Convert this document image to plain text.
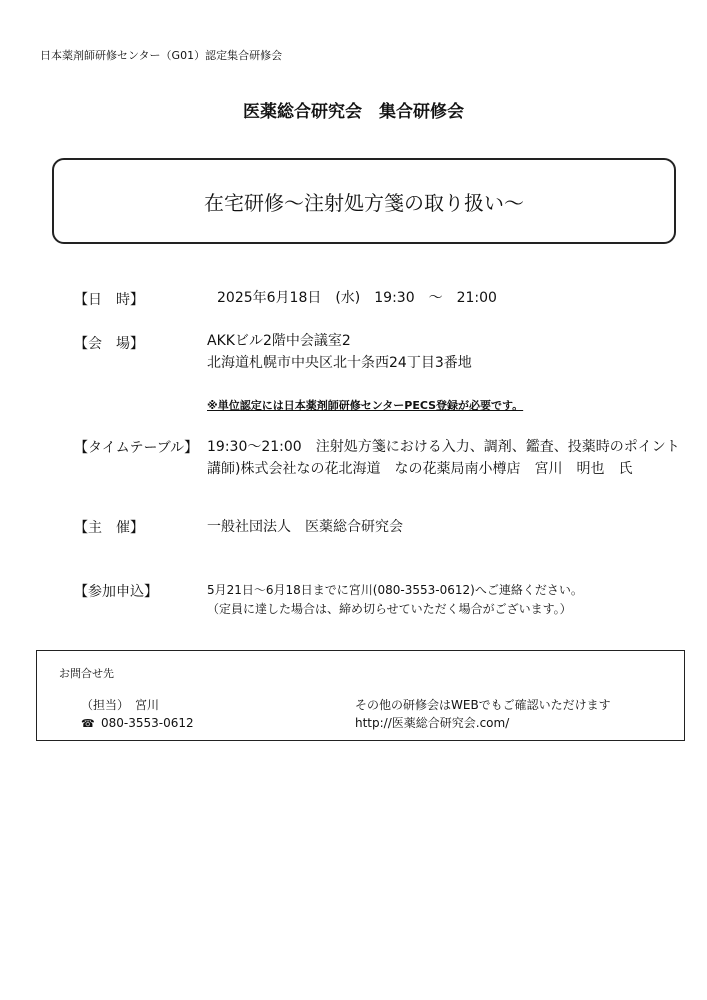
日本薬剤師研修センター（G01）認定集合研修会
医薬総合研究会　集合研修会
在宅研修～注射処方箋の取り扱い～
【日　時】	2025年6月18日　(水)　19:30　～　21:00
【会　場】	AKKビル2階中会議室2
北海道札幌市中央区北十条西24丁目3番地
※単位認定には日本薬剤師研修センターPECS登録が必要です。
【タイムテーブル】 19:30～21:00　注射処方箋における入力、調剤、鑑査、投薬時のポイント
講師)株式会社なの花北海道　なの花薬局南小樽店　宮川　明也　氏
【主　催】	一般社団法人　医薬総合研究会
【参加申込】	5月21日～6月18日までに宮川(080-3553-0612)へご連絡ください。
（定員に達した場合は、締め切らせていただく場合がございます。）
お問合せ先
（担当）　宮川
☎ 080-3553-0612
その他の研修会はWEBでもご確認いただけます
http://医薬総合研究会.com/
